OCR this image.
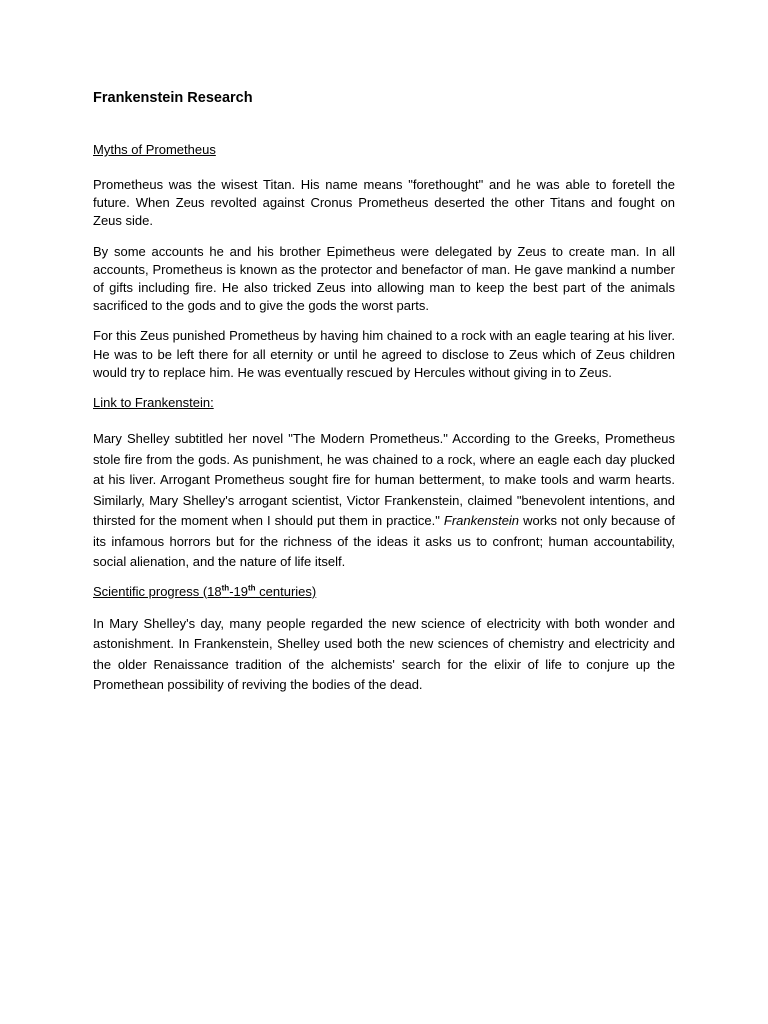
Frankenstein Research
Myths of Prometheus

Prometheus was the wisest Titan. His name means "forethought" and he was able to foretell the future. When Zeus revolted against Cronus Prometheus deserted the other Titans and fought on Zeus side.

By some accounts he and his brother Epimetheus were delegated by Zeus to create man. In all accounts, Prometheus is known as the protector and benefactor of man. He gave mankind a number of gifts including fire. He also tricked Zeus into allowing man to keep the best part of the animals sacrificed to the gods and to give the gods the worst parts.

For this Zeus punished Prometheus by having him chained to a rock with an eagle tearing at his liver. He was to be left there for all eternity or until he agreed to disclose to Zeus which of Zeus children would try to replace him. He was eventually rescued by Hercules without giving in to Zeus.

Link to Frankenstein:

Mary Shelley subtitled her novel "The Modern Prometheus." According to the Greeks, Prometheus stole fire from the gods. As punishment, he was chained to a rock, where an eagle each day plucked at his liver. Arrogant Prometheus sought fire for human betterment, to make tools and warm hearts. Similarly, Mary Shelley's arrogant scientist, Victor Frankenstein, claimed "benevolent intentions, and thirsted for the moment when I should put them in practice." Frankenstein works not only because of its infamous horrors but for the richness of the ideas it asks us to confront; human accountability, social alienation, and the nature of life itself.

Scientific progress (18th-19th centuries)

In Mary Shelley's day, many people regarded the new science of electricity with both wonder and astonishment. In Frankenstein, Shelley used both the new sciences of chemistry and electricity and the older Renaissance tradition of the alchemists' search for the elixir of life to conjure up the Promethean possibility of reviving the bodies of the dead.
